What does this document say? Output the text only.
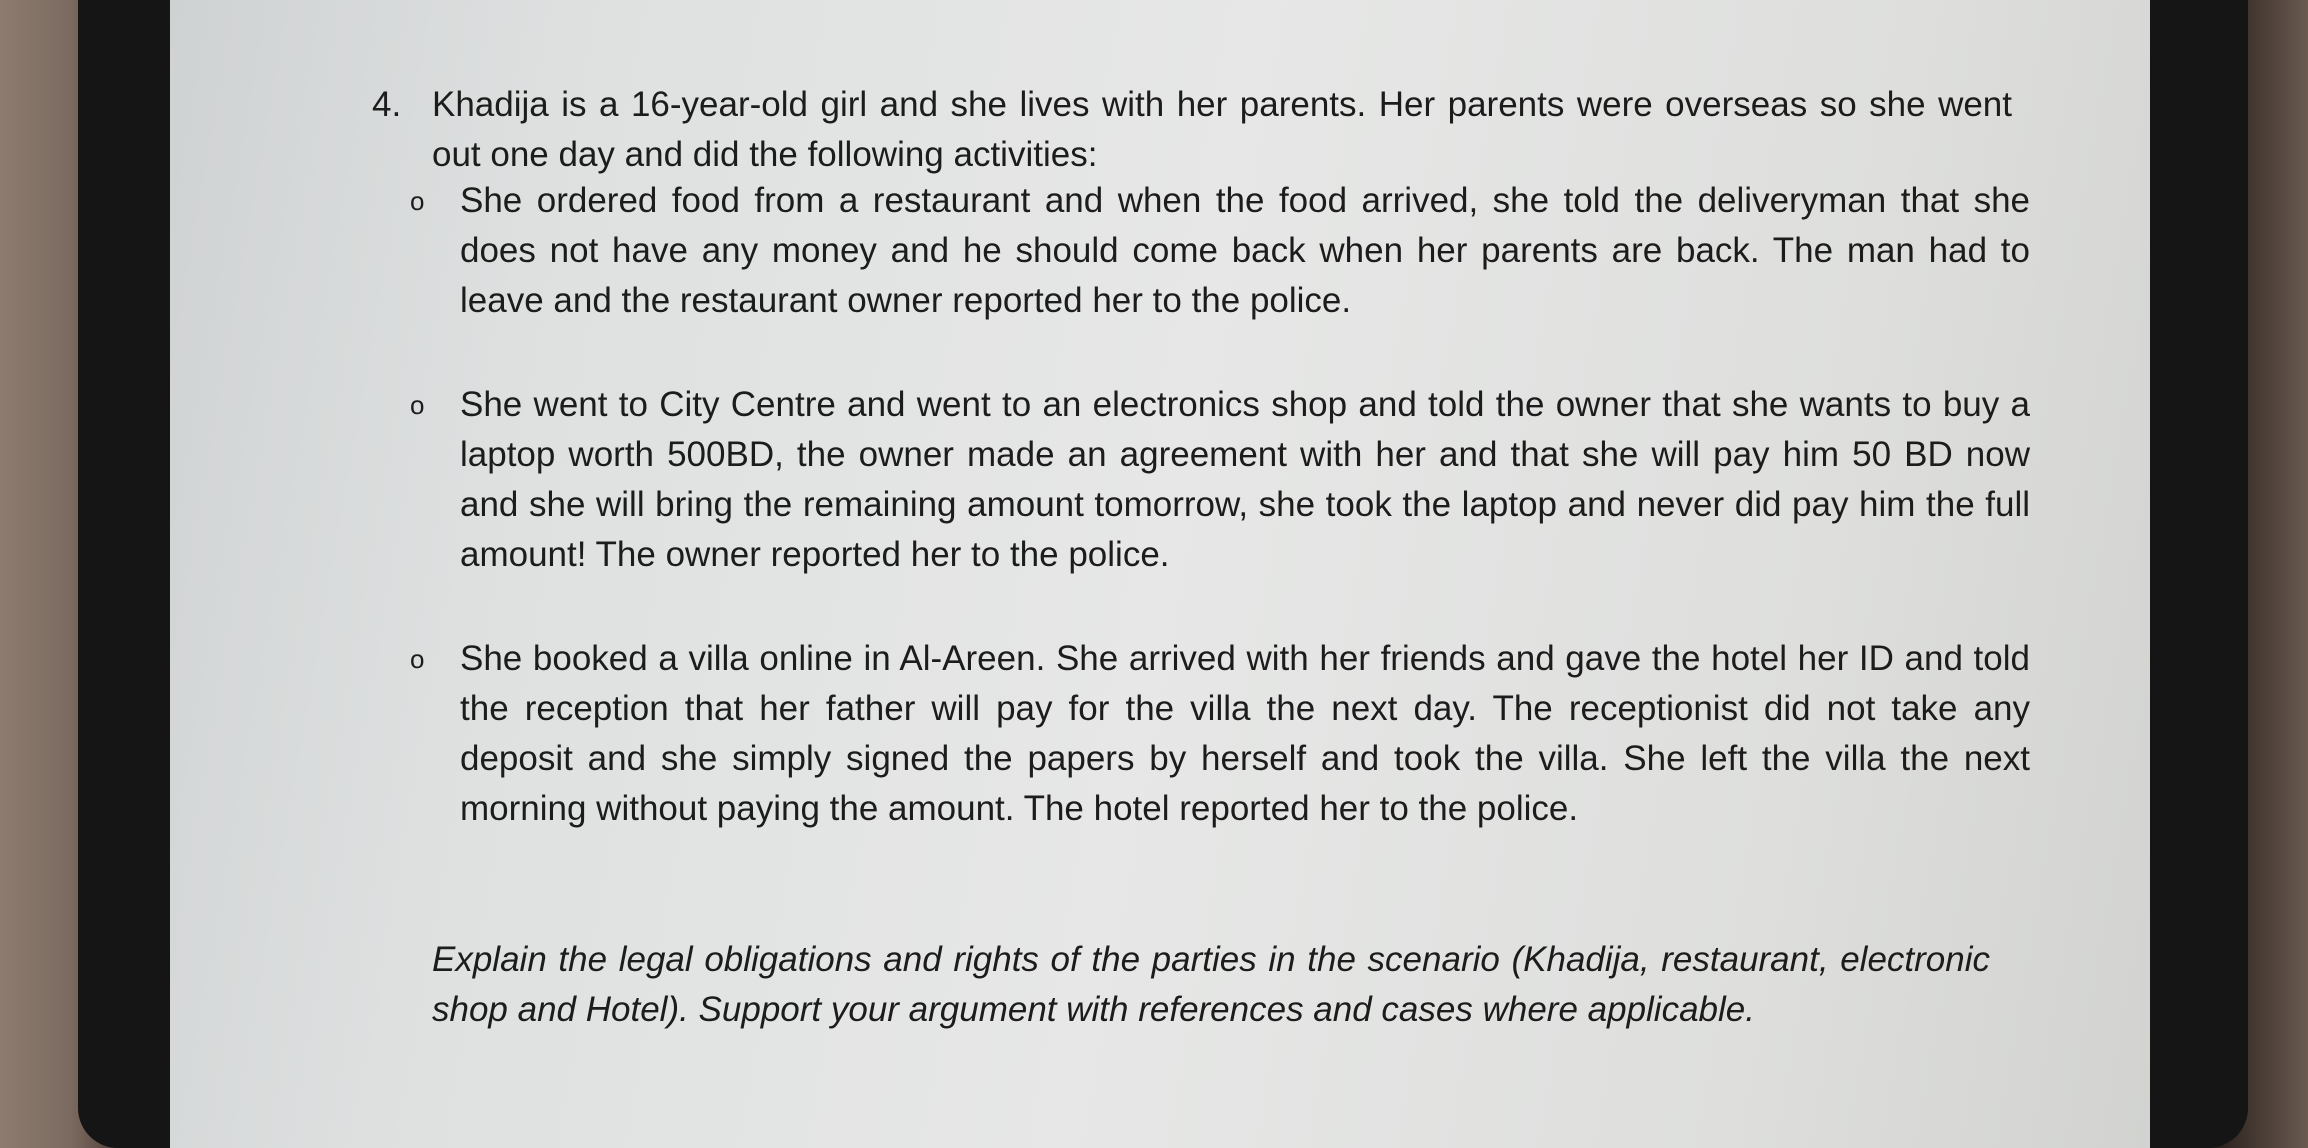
4. Khadija is a 16-year-old girl and she lives with her parents. Her parents were overseas so she went out one day and did the following activities:
o She ordered food from a restaurant and when the food arrived, she told the deliveryman that she does not have any money and he should come back when her parents are back. The man had to leave and the restaurant owner reported her to the police.
o She went to City Centre and went to an electronics shop and told the owner that she wants to buy a laptop worth 500BD, the owner made an agreement with her and that she will pay him 50 BD now and she will bring the remaining amount tomorrow, she took the laptop and never did pay him the full amount! The owner reported her to the police.
o She booked a villa online in Al-Areen. She arrived with her friends and gave the hotel her ID and told the reception that her father will pay for the villa the next day. The receptionist did not take any deposit and she simply signed the papers by herself and took the villa. She left the villa the next morning without paying the amount. The hotel reported her to the police.
Explain the legal obligations and rights of the parties in the scenario (Khadija, restaurant, electronic shop and Hotel). Support your argument with references and cases where applicable.
